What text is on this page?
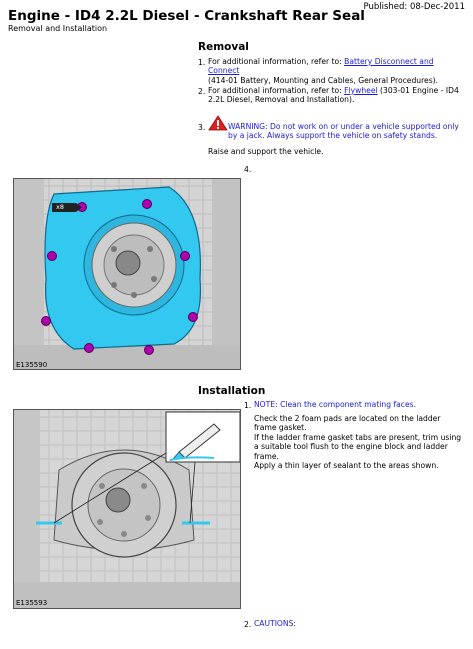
Published: 08-Dec-2011
Engine - ID4 2.2L Diesel - Crankshaft Rear Seal
Removal and Installation
Removal
1. For additional information, refer to: Battery Disconnect and Connect
(414-01 Battery, Mounting and Cables, General Procedures).
2. For additional information, refer to: Flywheel (303-01 Engine - ID4 2.2L Diesel, Removal and Installation).
3.	WARNING: Do not work on or under a vehicle supported only by a jack. Always support the vehicle on safety stands.
Raise and support the vehicle.
4.
x8
E135590
Installation
1. NOTE: Clean the component mating faces.
Check the 2 foam pads are located on the ladder frame gasket.
If the ladder frame gasket tabs are present, trim using a suitable tool flush to the engine block and ladder frame.
Apply a thin layer of sealant to the areas shown.
E135593
2. CAUTIONS:
